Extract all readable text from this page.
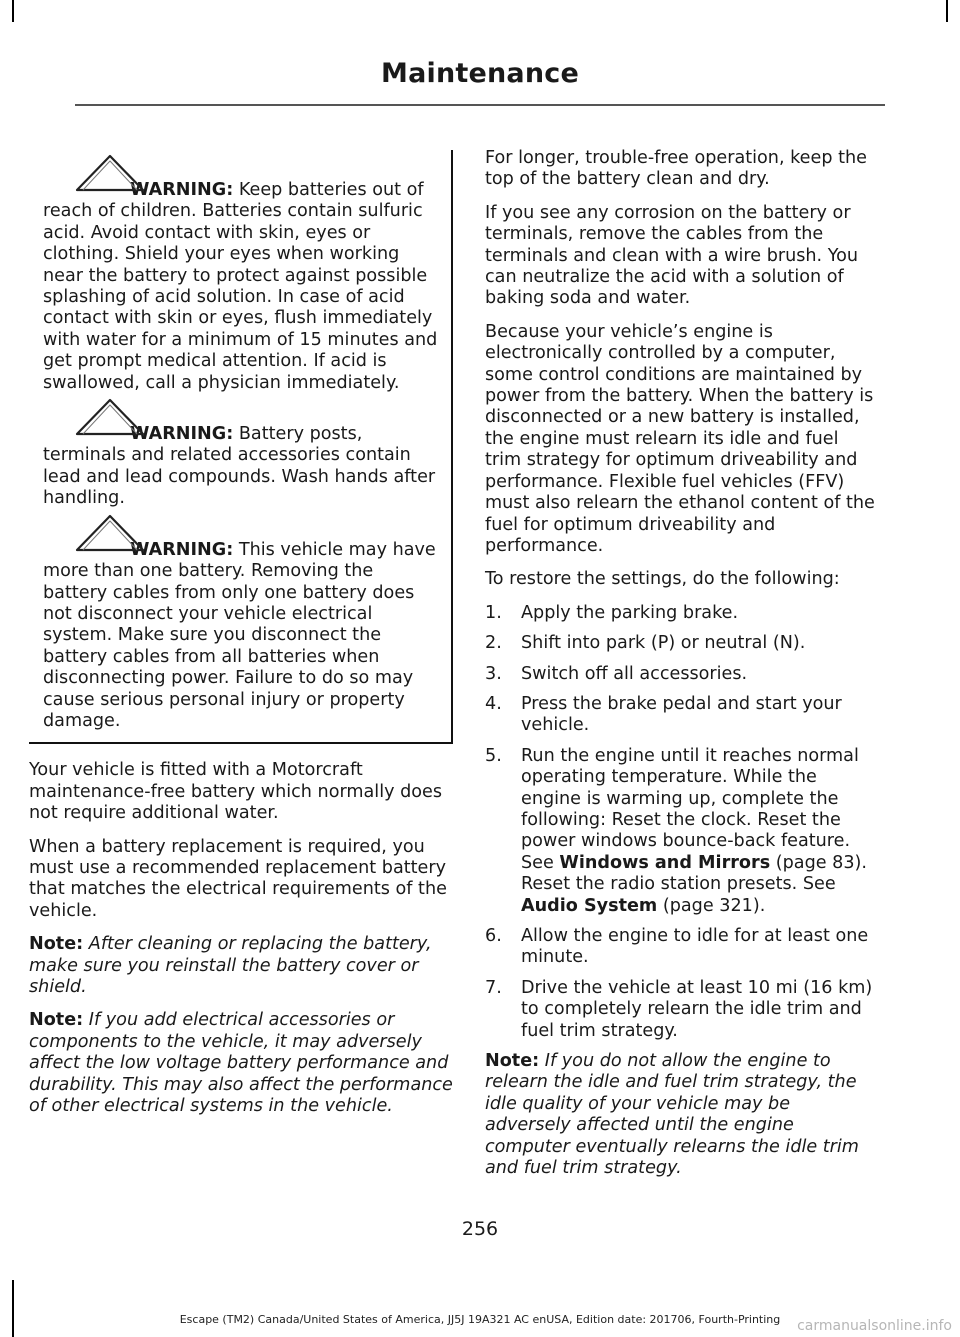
Maintenance

WARNING: Keep batteries out of reach of children. Batteries contain sulfuric acid. Avoid contact with skin, eyes or clothing. Shield your eyes when working near the battery to protect against possible splashing of acid solution. In case of acid contact with skin or eyes, flush immediately with water for a minimum of 15 minutes and get prompt medical attention. If acid is swallowed, call a physician immediately.

WARNING: Battery posts, terminals and related accessories contain lead and lead compounds. Wash hands after handling.

WARNING: This vehicle may have more than one battery. Removing the battery cables from only one battery does not disconnect your vehicle electrical system. Make sure you disconnect the battery cables from all batteries when disconnecting power. Failure to do so may cause serious personal injury or property damage.

Your vehicle is fitted with a Motorcraft maintenance-free battery which normally does not require additional water.

When a battery replacement is required, you must use a recommended replacement battery that matches the electrical requirements of the vehicle.

Note: After cleaning or replacing the battery, make sure you reinstall the battery cover or shield.

Note: If you add electrical accessories or components to the vehicle, it may adversely affect the low voltage battery performance and durability. This may also affect the performance of other electrical systems in the vehicle.

For longer, trouble-free operation, keep the top of the battery clean and dry.

If you see any corrosion on the battery or terminals, remove the cables from the terminals and clean with a wire brush. You can neutralize the acid with a solution of baking soda and water.

Because your vehicle’s engine is electronically controlled by a computer, some control conditions are maintained by power from the battery. When the battery is disconnected or a new battery is installed, the engine must relearn its idle and fuel trim strategy for optimum driveability and performance. Flexible fuel vehicles (FFV) must also relearn the ethanol content of the fuel for optimum driveability and performance.

To restore the settings, do the following:

1. Apply the parking brake.
2. Shift into park (P) or neutral (N).
3. Switch off all accessories.
4. Press the brake pedal and start your vehicle.
5. Run the engine until it reaches normal operating temperature. While the engine is warming up, complete the following: Reset the clock. Reset the power windows bounce-back feature. See Windows and Mirrors (page 83). Reset the radio station presets. See Audio System (page 321).
6. Allow the engine to idle for at least one minute.
7. Drive the vehicle at least 10 mi (16 km) to completely relearn the idle trim and fuel trim strategy.

Note: If you do not allow the engine to relearn the idle and fuel trim strategy, the idle quality of your vehicle may be adversely affected until the engine computer eventually relearns the idle trim and fuel trim strategy.

256
Escape (TM2) Canada/United States of America, JJ5J 19A321 AC enUSA, Edition date: 201706, Fourth-Printing	carmanualsonline.info
